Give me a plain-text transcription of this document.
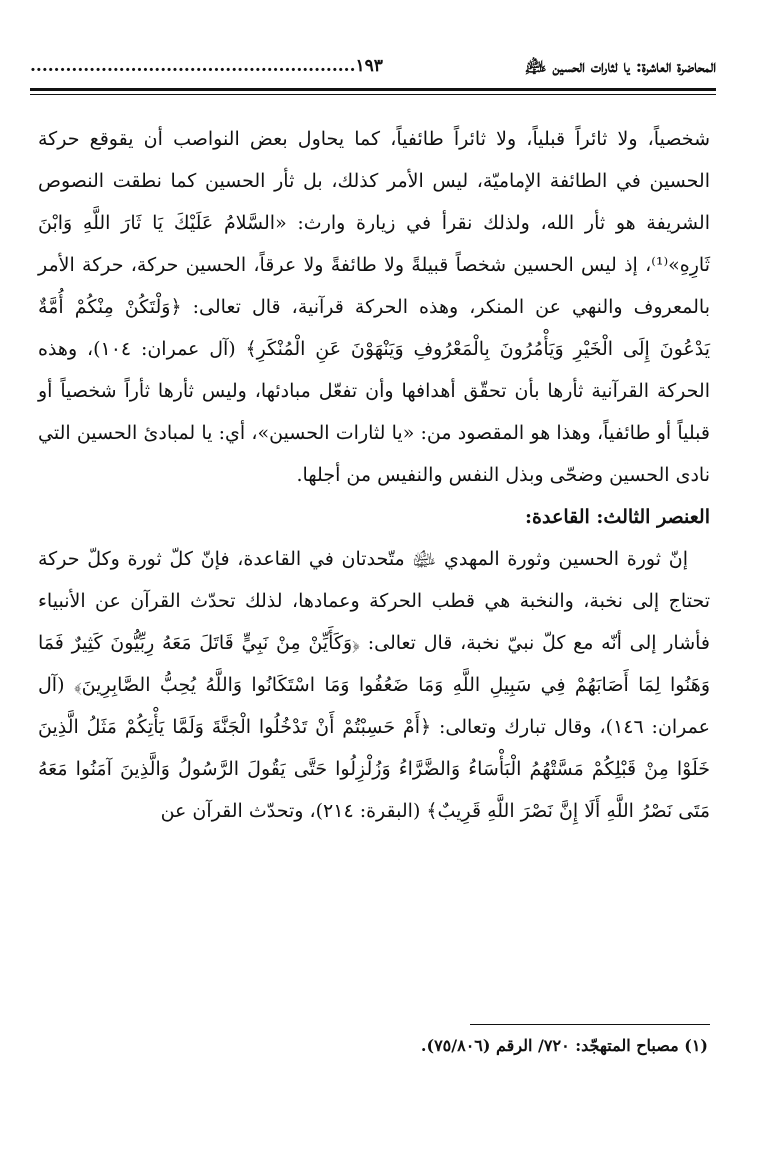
المحاضرة العاشرة: يا لثارات الحسين ﵇
١٩٣.......................................................

شخصياً، ولا ثائراً قبلياً، ولا ثائراً طائفياً، كما يحاول بعض النواصب أن يقوقع حركة الحسين في الطائفة الإماميّة، ليس الأمر كذلك، بل ثأر الحسين كما نطقت النصوص الشريفة هو ثأر الله، ولذلك نقرأ في زيارة وارث: «السَّلامُ عَلَيْكَ يَا ثَارَ اللَّهِ وَابْنَ ثَارِهِ»⁽¹⁾، إذ ليس الحسين شخصاً قبيلةً ولا طائفةً ولا عرقاً، الحسين حركة، حركة الأمر بالمعروف والنهي عن المنكر، وهذه الحركة قرآنية، قال تعالى: ﴿وَلْتَكُنْ مِنْكُمْ أُمَّةٌ يَدْعُونَ إِلَى الْخَيْرِ وَيَأْمُرُونَ بِالْمَعْرُوفِ وَيَنْهَوْنَ عَنِ الْمُنْكَرِ﴾ (آل عمران: ١٠٤)، وهذه الحركة القرآنية ثأرها بأن تحقّق أهدافها وأن تفعّل مبادئها، وليس ثأرها ثأراً شخصياً أو قبلياً أو طائفياً، وهذا هو المقصود من: «يا لثارات الحسين»، أي: يا لمبادئ الحسين التي نادى الحسين وضحّى وبذل النفس والنفيس من أجلها.

العنصر الثالث: القاعدة:

إنّ ثورة الحسين وثورة المهدي ﵉ متّحدتان في القاعدة، فإنّ كلّ ثورة وكلّ حركة تحتاج إلى نخبة، والنخبة هي قطب الحركة وعمادها، لذلك تحدّث القرآن عن الأنبياء فأشار إلى أنّه مع كلّ نبيّ نخبة، قال تعالى: ﴿وَكَأَيِّنْ مِنْ نَبِيٍّ قَاتَلَ مَعَهُ رِبِّيُّونَ كَثِيرٌ فَمَا وَهَنُوا لِمَا أَصَابَهُمْ فِي سَبِيلِ اللَّهِ وَمَا ضَعُفُوا وَمَا اسْتَكَانُوا وَاللَّهُ يُحِبُّ الصَّابِرِينَ﴾ (آل عمران: ١٤٦)، وقال تبارك وتعالى: ﴿أَمْ حَسِبْتُمْ أَنْ تَدْخُلُوا الْجَنَّةَ وَلَمَّا يَأْتِكُمْ مَثَلُ الَّذِينَ خَلَوْا مِنْ قَبْلِكُمْ مَسَّتْهُمُ الْبَأْسَاءُ وَالضَّرَّاءُ وَزُلْزِلُوا حَتَّى يَقُولَ الرَّسُولُ وَالَّذِينَ آمَنُوا مَعَهُ مَتَى نَصْرُ اللَّهِ أَلَا إِنَّ نَصْرَ اللَّهِ قَرِيبٌ﴾ (البقرة: ٢١٤)، وتحدّث القرآن عن

(١) مصباح المتهجّد: ٧٢٠/ الرقم (٧٥/٨٠٦).
